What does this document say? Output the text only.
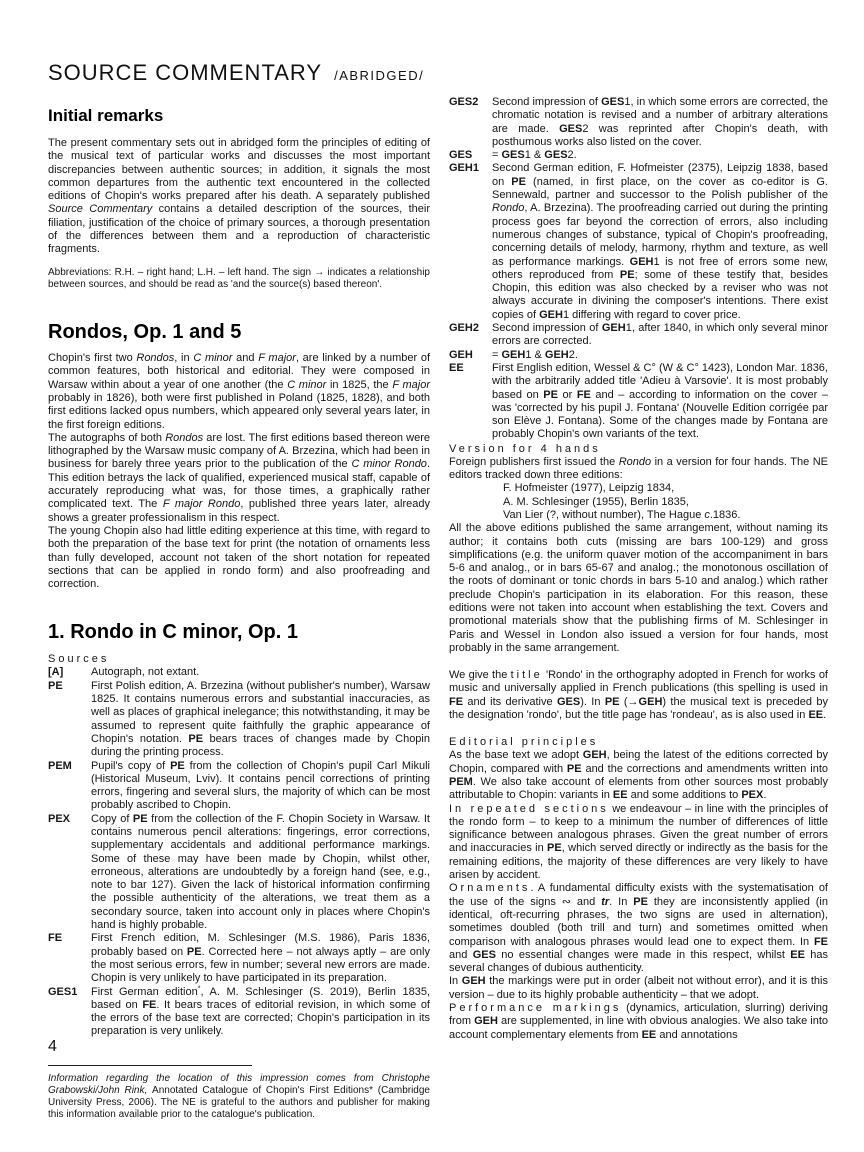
SOURCE COMMENTARY /ABRIDGED/
Initial remarks

The present commentary sets out in abridged form the principles of editing of the musical text of particular works and discusses the most important discrepancies between authentic sources; in addition, it signals the most common departures from the authentic text encountered in the collected editions of Chopin's works prepared after his death. A separately published Source Commentary contains a detailed description of the sources, their filiation, justification of the choice of primary sources, a thorough presentation of the differences between them and a reproduction of characteristic fragments.

Abbreviations: R.H. – right hand; L.H. – left hand. The sign → indicates a relationship between sources, and should be read as 'and the source(s) based thereon'.

Rondos, Op. 1 and 5

Chopin's first two Rondos, in C minor and F major, are linked by a number of common features, both historical and editorial. They were composed in Warsaw within about a year of one another (the C minor in 1825, the F major probably in 1826), both were first published in Poland (1825, 1828), and both first editions lacked opus numbers, which appeared only several years later, in the first foreign editions.

The autographs of both Rondos are lost. The first editions based thereon were lithographed by the Warsaw music company of A. Brzezina, which had been in business for barely three years prior to the publication of the C minor Rondo. This edition betrays the lack of qualified, experienced musical staff, capable of accurately reproducing what was, for those times, a graphically rather complicated text. The F major Rondo, published three years later, already shows a greater professionalism in this respect.

The young Chopin also had little editing experience at this time, with regard to both the preparation of the base text for print (the notation of ornaments less than fully developed, account not taken of the short notation for repeated sections that can be applied in rondo form) and also proofreading and correction.

1. Rondo in C minor, Op. 1
Sources
[A]	Autograph, not extant.
PE	First Polish edition, A. Brzezina (without publisher's number), Warsaw 1825. It contains numerous errors and substantial inaccuracies, as well as places of graphical inelegance; this notwithstanding, it may be assumed to represent quite faithfully the graphic appearance of Chopin's notation. PE bears traces of changes made by Chopin during the printing process.
PEM	Pupil's copy of PE from the collection of Chopin's pupil Carl Mikuli (Historical Museum, Lviv). It contains pencil corrections of printing errors, fingering and several slurs, the majority of which can be most probably ascribed to Chopin.
PEX	Copy of PE from the collection of the F. Chopin Society in Warsaw. It contains numerous pencil alterations: fingerings, error corrections, supplementary accidentals and additional performance markings. Some of these may have been made by Chopin, whilst other, erroneous, alterations are undoubtedly by a foreign hand (see, e.g., note to bar 127). Given the lack of historical information confirming the possible authenticity of the alterations, we treat them as a secondary source, taken into account only in places where Chopin's hand is highly probable.
FE	First French edition, M. Schlesinger (M.S. 1986), Paris 1836, probably based on PE. Corrected here – not always aptly – are only the most serious errors, few in number; several new errors are made. Chopin is very unlikely to have participated in its preparation.
GES1	First German edition*, A. M. Schlesinger (S. 2019), Berlin 1835, based on FE. It bears traces of editorial revision, in which some of the errors of the base text are corrected; Chopin's participation in its preparation is very unlikely.

Information regarding the location of this impression comes from Christophe Grabowski/John Rink, Annotated Catalogue of Chopin's First Editions* (Cambridge University Press, 2006). The NE is grateful to the authors and publisher for making this information available prior to the catalogue's publication.

GES2	Second impression of GES1, in which some errors are corrected, the chromatic notation is revised and a number of arbitrary alterations are made. GES2 was reprinted after Chopin's death, with posthumous works also listed on the cover.
GES	= GES1 & GES2.
GEH1	Second German edition, F. Hofmeister (2375), Leipzig 1838, based on PE (named, in first place, on the cover as co-editor is G. Sennewald, partner and successor to the Polish publisher of the Rondo, A. Brzezina). The proofreading carried out during the printing process goes far beyond the correction of errors, also including numerous changes of substance, typical of Chopin's proofreading, concerning details of melody, harmony, rhythm and texture, as well as performance markings. GEH1 is not free of errors some new, others reproduced from PE; some of these testify that, besides Chopin, this edition was also checked by a reviser who was not always accurate in divining the composer's intentions. There exist copies of GEH1 differing with regard to cover price.
GEH2	Second impression of GEH1, after 1840, in which only several minor errors are corrected.
GEH	= GEH1 & GEH2.
EE	First English edition, Wessel & C° (W & C° 1423), London Mar. 1836, with the arbitrarily added title 'Adieu à Varsovie'. It is most probably based on PE or FE and – according to information on the cover – was 'corrected by his pupil J. Fontana' (Nouvelle Edition corrigée par son Elève J. Fontana). Some of the changes made by Fontana are probably Chopin's own variants of the text.
Version for 4 hands

Foreign publishers first issued the Rondo in a version for four hands. The NE editors tracked down three editions:

F. Hofmeister (1977), Leipzig 1834,

A. M. Schlesinger (1955), Berlin 1835,

Van Lier (?, without number), The Hague c.1836.

All the above editions published the same arrangement, without naming its author; it contains both cuts (missing are bars 100-129) and gross simplifications (e.g. the uniform quaver motion of the accompaniment in bars 5-6 and analog., or in bars 65-67 and analog.; the monotonous oscillation of the roots of dominant or tonic chords in bars 5-10 and analog.) which rather preclude Chopin's participation in its elaboration. For this reason, these editions were not taken into account when establishing the text. Covers and promotional materials show that the publishing firms of M. Schlesinger in Paris and Wessel in London also issued a version for four hands, most probably in the same arrangement.

We give the title 'Rondo' in the orthography adopted in French for works of music and universally applied in French publications (this spelling is used in FE and its derivative GES). In PE (→GEH) the musical text is preceded by the designation 'rondo', but the title page has 'rondeau', as is also used in EE.

Editorial principles

As the base text we adopt GEH, being the latest of the editions corrected by Chopin, compared with PE and the corrections and amendments written into PEM. We also take account of elements from other sources most probably attributable to Chopin: variants in EE and some additions to PEX.

In repeated sections we endeavour – in line with the principles of the rondo form – to keep to a minimum the number of differences of little significance between analogous phrases. Given the great number of errors and inaccuracies in PE, which served directly or indirectly as the basis for the remaining editions, the majority of these differences are very likely to have arisen by accident.

Ornaments. A fundamental difficulty exists with the systematisation of the use of the signs ∾ and tr. In PE they are inconsistently applied (in identical, oft-recurring phrases, the two signs are used in alternation), sometimes doubled (both trill and turn) and sometimes omitted when comparison with analogous phrases would lead one to expect them. In FE and GES no essential changes were made in this respect, whilst EE has several changes of dubious authenticity.

In GEH the markings were put in order (albeit not without error), and it is this version – due to its highly probable authenticity – that we adopt.

Performance markings (dynamics, articulation, slurring) deriving from GEH are supplemented, in line with obvious analogies. We also take into account complementary elements from EE and annotations

4
